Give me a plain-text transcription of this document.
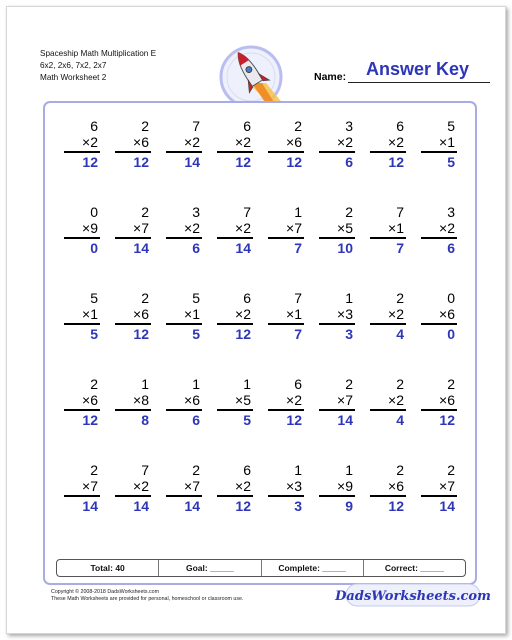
Spaceship Math Multiplication E
6x2, 2x6, 7x2, 2x7
Math Worksheet 2	Name: Answer Key
6
×2
12
2
×6
12
7
×2
14
6
×2
12
2
×6
12
3
×2
6
6
×2
12
5
×1
5
0
×9
0
2
×7
14
3
×2
6
7
×2
14
1
×7
7
2
×5
10
7
×1
7
3
×2
6
5
×1
5
2
×6
12
5
×1
5
6
×2
12
7
×1
7
1
×3
3
2
×2
4
0
×6
0
2
×6
12
1
×8
8
1
×6
6
1
×5
5
6
×2
12
2
×7
14
2
×2
4
2
×6
12
2
×7
14
7
×2
14
2
×7
14
6
×2
12
1
×3
3
1
×9
9
2
×6
12
2
×7
14
Total: 40	Goal: _____	Complete: _____	Correct: _____
Copyright © 2008-2018 DadsWorksheets.com
These Math Worksheets are provided for personal, homeschool or classroom use.	DadsWorksheets.com
